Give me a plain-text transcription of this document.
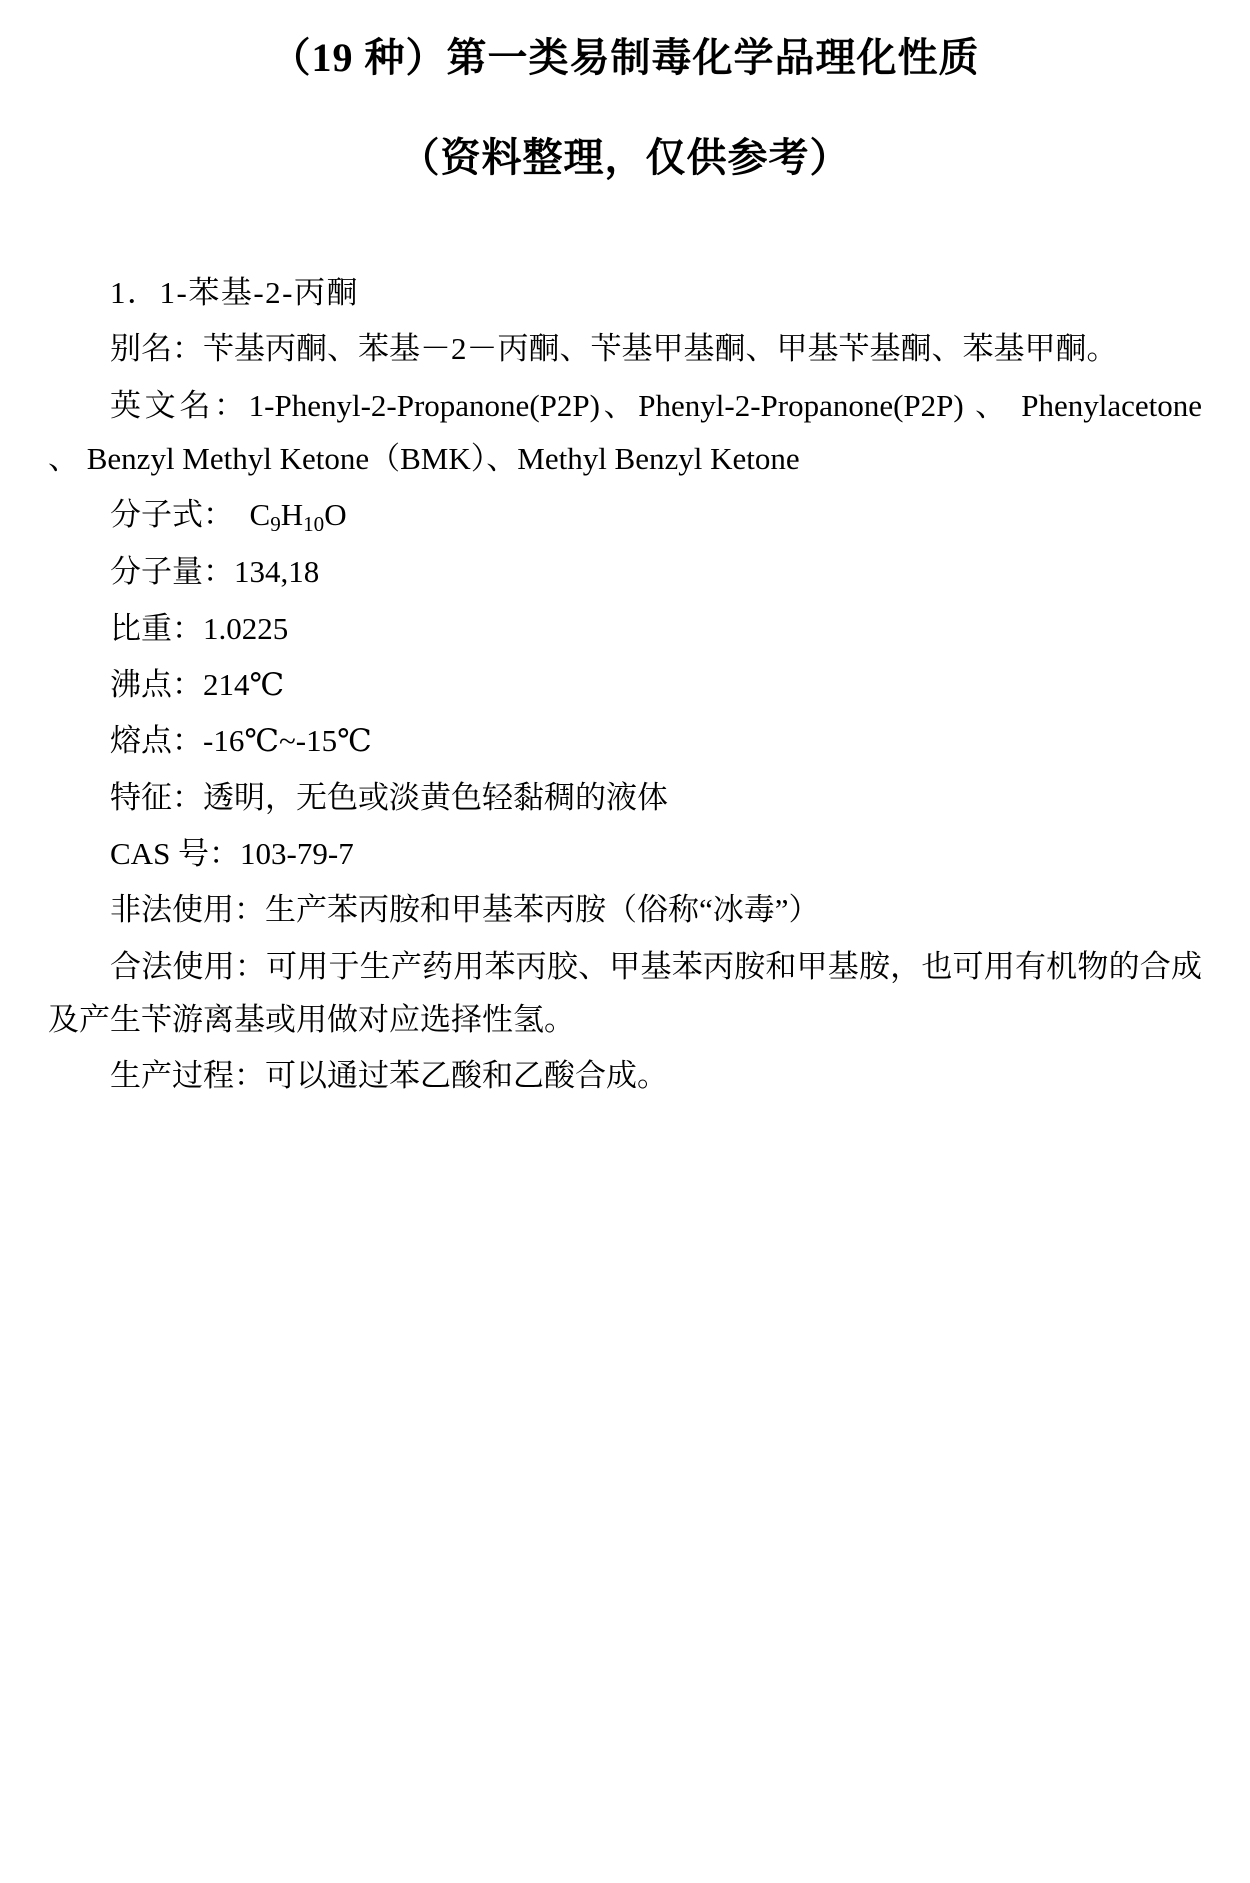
（19 种）第一类易制毒化学品理化性质
（资料整理，仅供参考）

1．1-苯基-2-丙酮

别名：苄基丙酮、苯基－2－丙酮、苄基甲基酮、甲基苄基酮、苯基甲酮。

英文名：1-Phenyl-2-Propanone(P2P)、Phenyl-2-Propanone(P2P) 、 Phenylacetone 、 Benzyl Methyl Ketone（BMK）、Methyl Benzyl Ketone

分子式： $C_9H_{10}O$

分子量：134,18

比重：1.0225

沸点：214℃

熔点：-16℃~-15℃

特征：透明，无色或淡黄色轻黏稠的液体

CAS 号：103-79-7

非法使用：生产苯丙胺和甲基苯丙胺（俗称“冰毒”）

合法使用：可用于生产药用苯丙胶、甲基苯丙胺和甲基胺，也可用有机物的合成及产生苄游离基或用做对应选择性氢。

生产过程：可以通过苯乙酸和乙酸合成。
